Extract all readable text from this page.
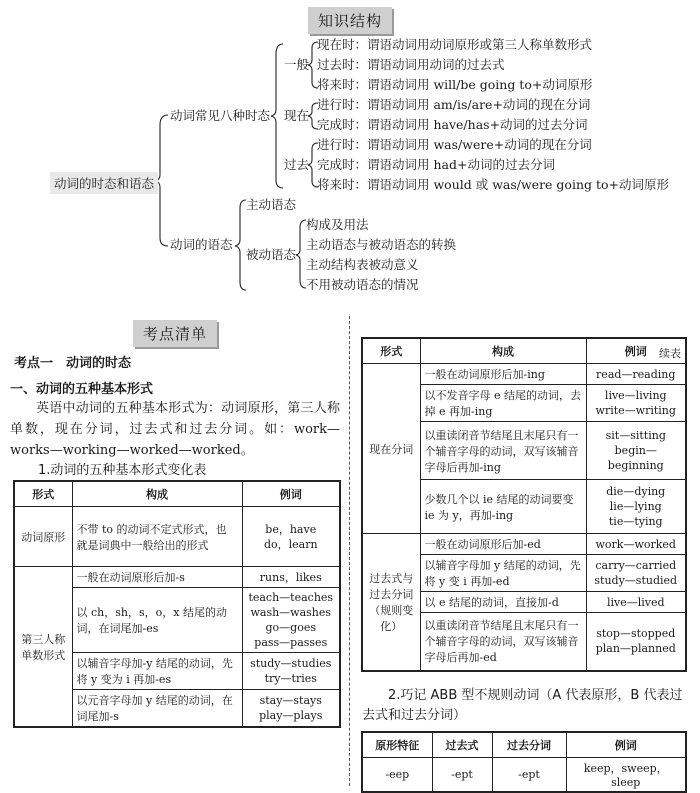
知识结构
动词的时态和语态
动词常见八种时态
一般
现在时：谓语动词用动词原形或第三人称单数形式
过去时：谓语动词用动词的过去式
将来时：谓语动词用 will/be going to+动词原形
现在
进行时：谓语动词用 am/is/are+动词的现在分词
完成时：谓语动词用 have/has+动词的过去分词
过去
进行时：谓语动词用 was/were+动词的现在分词
完成时：谓语动词用 had+动词的过去分词
将来时：谓语动词用 would 或 was/were going to+动词原形
动词的语态
主动语态
被动语态
构成及用法
主动语态与被动语态的转换
主动结构表被动意义
不用被动语态的情况
考点清单
考点一　动词的时态
一、动词的五种基本形式
英语中动词的五种基本形式为：动词原形，第三人称单数，现在分词，过去式和过去分词。如：work—works—working—worked—worked。
1.动词的五种基本形式变化表
形式	构成	例词
动词原形	不带 to 的动词不定式形式，也就是词典中一般给出的形式	be，have
do，learn

第三人称单数形式	一般在动词原形后加-s	runs，likes

	以 ch，sh，s，o，x 结尾的动词，在词尾加-es	teach—teaches
wash—washes
go—goes
pass—passes

	以辅音字母加-y 结尾的动词，先将 y 变为 i 再加-es	study—studies
try—tries

	以元音字母加 y 结尾的动词，在词尾加-s	stay—stays
play—plays
续表
形式	构成	例词
现在分词	一般在动词原形后加-ing	read—reading

	以不发音字母 e 结尾的动词，去掉 e 再加-ing	live—living
write—writing

	以重读闭音节结尾且末尾只有一个辅音字母的动词，双写该辅音字母后再加-ing	sit—sitting
begin—beginning

	少数几个以 ie 结尾的动词要变 ie 为 y，再加-ing	die—dying
lie—lying
tie—tying

过去式与
过去分词
（规则变化）	一般在动词原形后加-ed	work—worked

	以辅音字母加 y 结尾的动词，先将 y 变 i 再加-ed	carry—carried
study—studied

	以 e 结尾的动词，直接加-d	live—lived

	以重读闭音节结尾且末尾只有一个辅音字母的动词，双写该辅音字母后再加-ed	stop—stopped
plan—planned
2.巧记 ABB 型不规则动词（A 代表原形，B 代表过去式和过去分词）
原形特征	过去式	过去分词	例词
-eep	-ept	-ept	keep，sweep，sleep
